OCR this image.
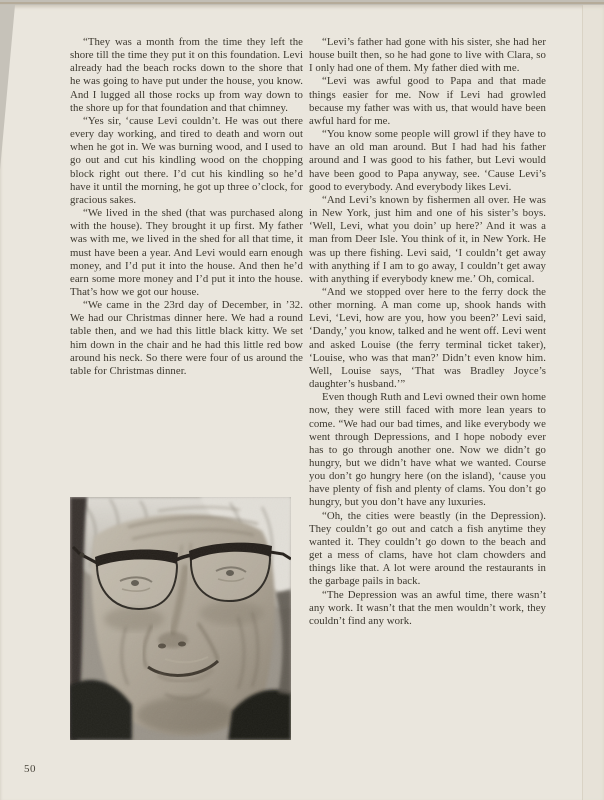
“They was a month from the time they left the shore till the time they put it on this foundation. Levi already had the beach rocks down to the shore that he was going to have put under the house, you know. And I lugged all those rocks up from way down to the shore up for that foundation and that chimney.

“Yes sir, ‘cause Levi couldn’t. He was out there every day working, and tired to death and worn out when he got in. We was burning wood, and I used to go out and cut his kindling wood on the chopping block right out there. I’d cut his kindling so he’d have it until the morning, he got up three o’clock, for gracious sakes.

“We lived in the shed (that was purchased along with the house). They brought it up first. My father was with me, we lived in the shed for all that time, it must have been a year. And Levi would earn enough money, and I’d put it into the house. And then he’d earn some more money and I’d put it into the house. That’s how we got our house.

“We came in the 23rd day of December, in ’32. We had our Christmas dinner here. We had a round table then, and we had this little black kitty. We set him down in the chair and he had this little red bow around his neck. So there were four of us around the table for Christmas dinner.

“Levi’s father had gone with his sister, she had her house built then, so he had gone to live with Clara, so I only had one of them. My father died with me.

“Levi was awful good to Papa and that made things easier for me. Now if Levi had growled because my father was with us, that would have been awful hard for me.

“You know some people will growl if they have to have an old man around. But I had had his father around and I was good to his father, but Levi would have been good to Papa anyway, see. ‘Cause Levi’s good to everybody. And everybody likes Levi.

“And Levi’s known by fishermen all over. He was in New York, just him and one of his sister’s boys. ‘Well, Levi, what you doin’ up here?’ And it was a man from Deer Isle. You think of it, in New York. He was up there fishing. Levi said, ‘I couldn’t get away with anything if I am to go away, I couldn’t get away with anything if everybody knew me.’ Oh, comical.

“And we stopped over here to the ferry dock the other morning. A man come up, shook hands with Levi, ‘Levi, how are you, how you been?’ Levi said, ‘Dandy,’ you know, talked and he went off. Levi went and asked Louise (the ferry terminal ticket taker), ‘Louise, who was that man?’ Didn’t even know him. Well, Louise says, ‘That was Bradley Joyce’s daughter’s husband.’”

Even though Ruth and Levi owned their own home now, they were still faced with more lean years to come. “We had our bad times, and like everybody we went through Depressions, and I hope nobody ever has to go through another one. Now we didn’t go hungry, but we didn’t have what we wanted. Course you don’t go hungry here (on the island), ‘cause you have plenty of fish and plenty of clams. You don’t go hungry, but you don’t have any luxuries.

“Oh, the cities were beastly (in the Depression). They couldn’t go out and catch a fish anytime they wanted it. They couldn’t go down to the beach and get a mess of clams, have hot clam chowders and things like that. A lot were around the restaurants in the garbage pails in back.

“The Depression was an awful time, there wasn’t any work. It wasn’t that the men wouldn’t work, they couldn’t find any work.

50
